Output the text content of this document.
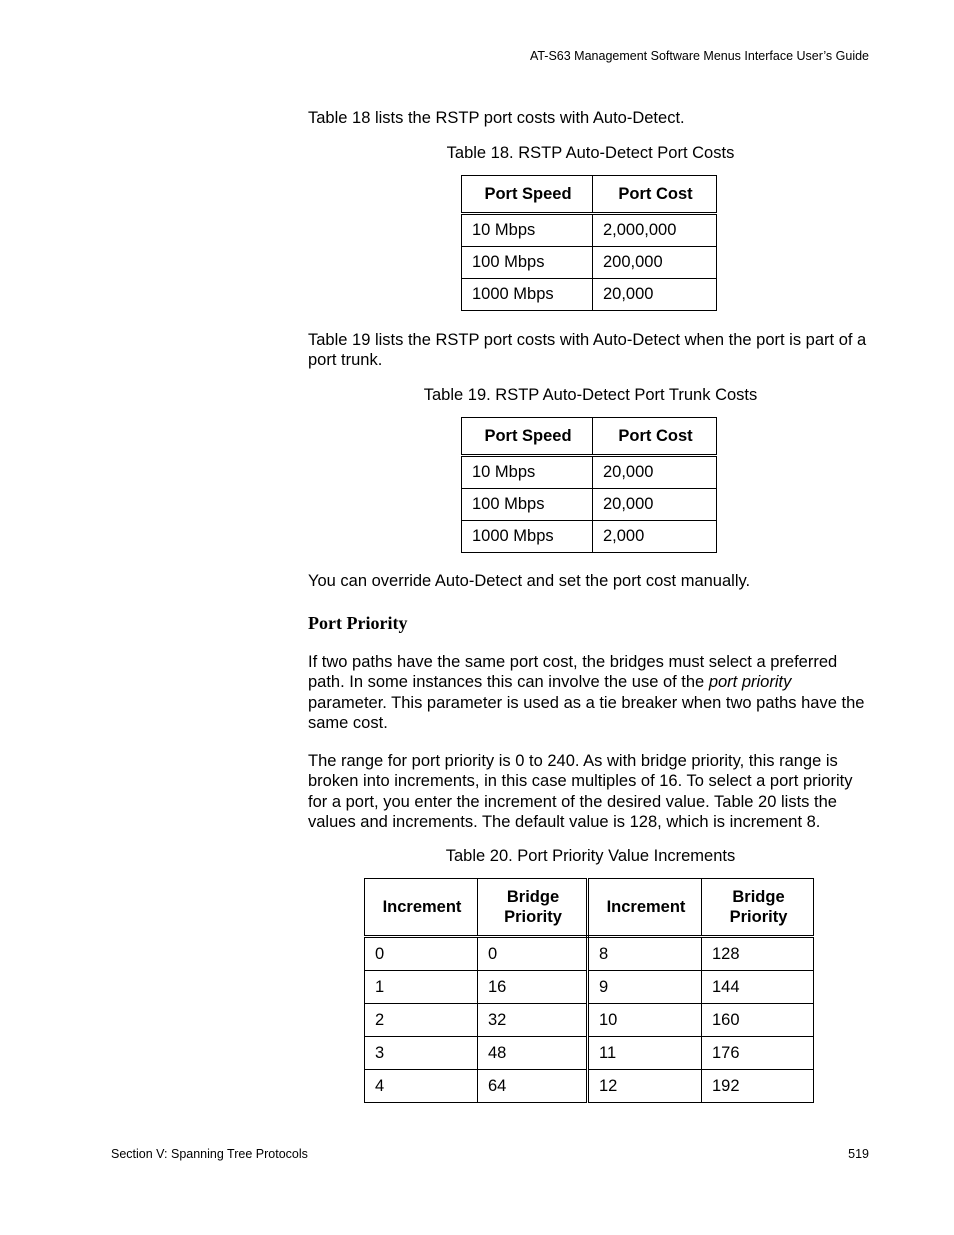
AT-S63 Management Software Menus Interface User’s Guide
Table 18 lists the RSTP port costs with Auto-Detect.
Table 18. RSTP Auto-Detect Port Costs
Port Speed	Port Cost
10 Mbps	2,000,000
100 Mbps	200,000
1000 Mbps	20,000
Table 19 lists the RSTP port costs with Auto-Detect when the port is part of a port trunk.
Table 19. RSTP Auto-Detect Port Trunk Costs
Port Speed	Port Cost
10 Mbps	20,000
100 Mbps	20,000
1000 Mbps	2,000
You can override Auto-Detect and set the port cost manually.
Port Priority
If two paths have the same port cost, the bridges must select a preferred path. In some instances this can involve the use of the port priority parameter. This parameter is used as a tie breaker when two paths have the same cost.
The range for port priority is 0 to 240. As with bridge priority, this range is broken into increments, in this case multiples of 16. To select a port priority for a port, you enter the increment of the desired value. Table 20 lists the values and increments. The default value is 128, which is increment 8.
Table 20. Port Priority Value Increments
Increment	Bridge Priority	Increment	Bridge Priority
0	0	8	128
1	16	9	144
2	32	10	160
3	48	11	176
4	64	12	192
Section V: Spanning Tree Protocols	519
